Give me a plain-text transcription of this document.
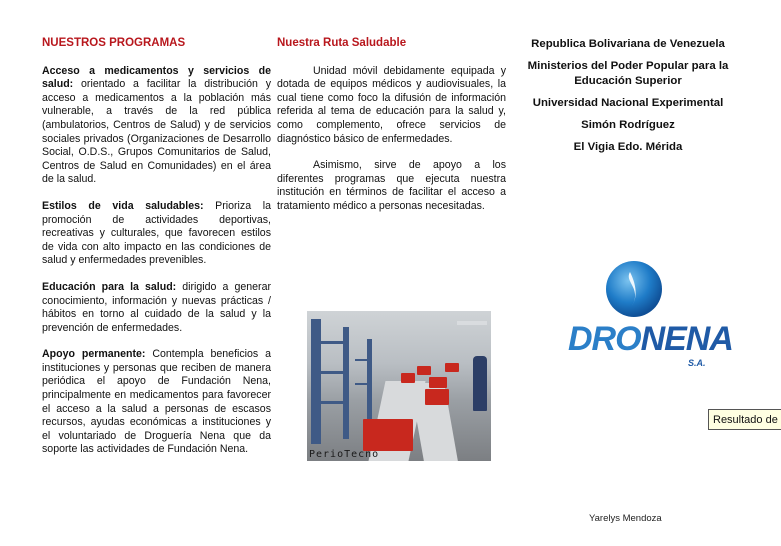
NUESTROS PROGRAMAS

Acceso a medicamentos y servicios de salud: orientado a facilitar la distribución y acceso a medicamentos a la población más vulnerable, a través de la red pública (ambulatorios, Centros de Salud) y de servicios sociales privados (Organizaciones de Desarrollo Social, O.D.S., Grupos Comunitarios de Salud, Centros de Salud en Comunidades) en el área de la salud.

Estilos de vida saludables: Prioriza la promoción de actividades deportivas, recreativas y culturales, que favorecen estilos de vida con alto impacto en las condiciones de salud y enfermedades prevenibles.

Educación para la salud: dirigido a generar conocimiento, información y nuevas prácticas / hábitos en torno al cuidado de la salud y la prevención de enfermedades.

Apoyo permanente: Contempla beneficios a instituciones y personas que reciben de manera periódica el apoyo de Fundación Nena, principalmente en medicamentos para favorecer el acceso a la salud a personas de escasos recursos, ayudas económicas a instituciones y el voluntariado de Droguería Nena que da soporte las actividades de Fundación Nena.

Nuestra Ruta Saludable

Unidad móvil debidamente equipada y dotada de equipos médicos y audiovisuales, la cual tiene como foco la difusión de información referida al tema de educación para la salud y, como complemento, ofrece servicios de diagnóstico básico de enfermedades.

Asimismo, sirve de apoyo a los diferentes programas que ejecuta nuestra institución en términos de facilitar el acceso a tratamiento médico a personas necesitadas.

PerioTecno
Republica Bolivariana de Venezuela
Ministerios del Poder Popular para la Educación Superior
Universidad Nacional Experimental
Simón Rodríguez
El Vigia Edo. Mérida
DRONENA
S.A.
Resultado de
Yarelys Mendoza
